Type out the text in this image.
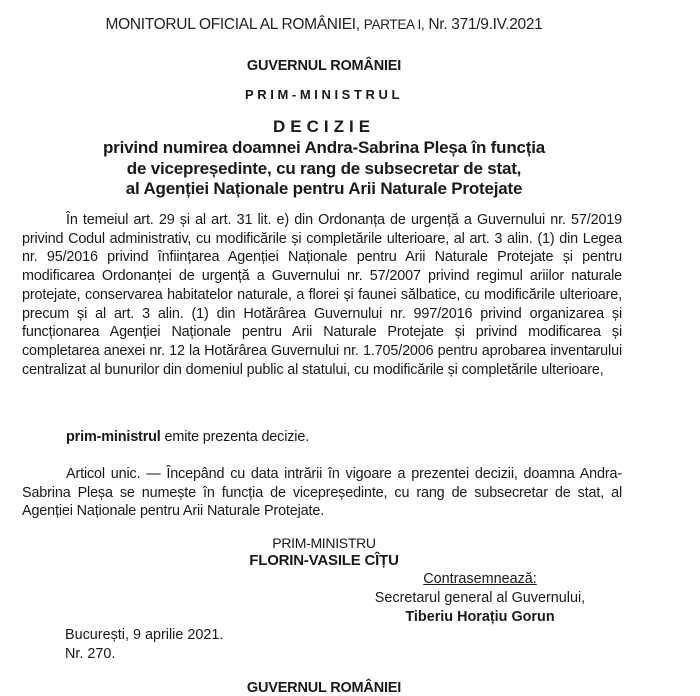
MONITORUL OFICIAL AL ROMÂNIEI, PARTEA I, Nr. 371/9.IV.2021
GUVERNUL ROMÂNIEI
PRIM-MINISTRUL
DECIZIE
privind numirea doamnei Andra-Sabrina Pleșa în funcția
de vicepreședinte, cu rang de subsecretar de stat,
al Agenției Naționale pentru Arii Naturale Protejate

În temeiul art. 29 și al art. 31 lit. e) din Ordonanța de urgență a Guvernului nr. 57/2019 privind Codul administrativ, cu modificările și completările ulterioare, al art. 3 alin. (1) din Legea nr. 95/2016 privind înființarea Agenției Naționale pentru Arii Naturale Protejate și pentru modificarea Ordonanței de urgență a Guvernului nr. 57/2007 privind regimul ariilor naturale protejate, conservarea habitatelor naturale, a florei și faunei sălbatice, cu modificările ulterioare, precum și al art. 3 alin. (1) din Hotărârea Guvernului nr. 997/2016 privind organizarea și funcționarea Agenției Naționale pentru Arii Naturale Protejate și privind modificarea și completarea anexei nr. 12 la Hotărârea Guvernului nr. 1.705/2006 pentru aprobarea inventarului centralizat al bunurilor din domeniul public al statului, cu modificările și completările ulterioare,

prim-ministrul emite prezenta decizie.

Articol unic. — Începând cu data intrării în vigoare a prezentei decizii, doamna Andra-Sabrina Pleșa se numește în funcția de vicepreședinte, cu rang de subsecretar de stat, al Agenției Naționale pentru Arii Naturale Protejate.

PRIM-MINISTRU
FLORIN-VASILE CÎȚU
Contrasemnează:
Secretarul general al Guvernului,
Tiberiu Horațiu Gorun
București, 9 aprilie 2021.
Nr. 270.
GUVERNUL ROMÂNIEI
